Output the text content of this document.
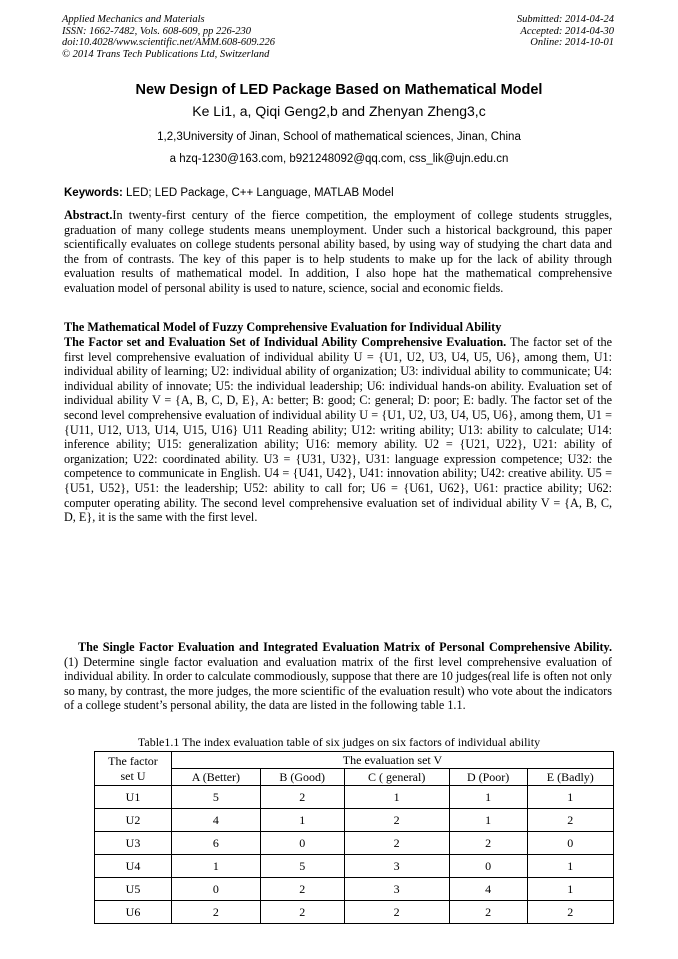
Applied Mechanics and Materials
ISSN: 1662-7482, Vols. 608-609, pp 226-230
doi:10.4028/www.scientific.net/AMM.608-609.226
© 2014 Trans Tech Publications Ltd, Switzerland
Submitted: 2014-04-24
Accepted: 2014-04-30
Online: 2014-10-01
New Design of LED Package Based on Mathematical Model
Ke Li1, a, Qiqi Geng2,b and Zhenyan Zheng3,c
1,2,3University of Jinan, School of mathematical sciences, Jinan, China
a hzq-1230@163.com, b921248092@qq.com, css_lik@ujn.edu.cn
Keywords: LED; LED Package, C++ Language, MATLAB Model
Abstract.In twenty-first century of the fierce competition, the employment of college students struggles, graduation of many college students means unemployment. Under such a historical background, this paper scientifically evaluates on college students personal ability based, by using way of studying the chart data and the from of contrasts. The key of this paper is to help students to make up for the lack of ability through evaluation results of mathematical model. In addition, I also hope hat the mathematical comprehensive evaluation model of personal ability is used to nature, science, social and economic fields.
The Mathematical Model of Fuzzy Comprehensive Evaluation for Individual Ability
The Factor set and Evaluation Set of Individual Ability Comprehensive Evaluation. The factor set of the first level comprehensive evaluation of individual ability U = {U1, U2, U3, U4, U5, U6}, among them, U1: individual ability of learning; U2: individual ability of organization; U3: individual ability to communicate; U4: individual ability of innovate; U5: the individual leadership; U6: individual hands-on ability. Evaluation set of individual ability V = {A, B, C, D, E}, A: better; B: good; C: general; D: poor; E: badly. The factor set of the second level comprehensive evaluation of individual ability U = {U1, U2, U3, U4, U5, U6}, among them, U1 = {U11, U12, U13, U14, U15, U16} U11 Reading ability; U12: writing ability; U13: ability to calculate; U14: inference ability; U15: generalization ability; U16: memory ability. U2 = {U21, U22}, U21: ability of organization; U22: coordinated ability. U3 = {U31, U32}, U31: language expression competence; U32: the competence to communicate in English. U4 = {U41, U42}, U41: innovation ability; U42: creative ability. U5 = {U51, U52}, U51: the leadership; U52: ability to call for; U6 = {U61, U62}, U61: practice ability; U62: computer operating ability. The second level comprehensive evaluation set of individual ability V = {A, B, C, D, E}, it is the same with the first level.
The Single Factor Evaluation and Integrated Evaluation Matrix of Personal Comprehensive Ability. (1) Determine single factor evaluation and evaluation matrix of the first level comprehensive evaluation of individual ability. In order to calculate commodiously, suppose that there are 10 judges(real life is often not only so many, by contrast, the more judges, the more scientific of the evaluation result) who vote about the indicators of a college student’s personal ability, the data are listed in the following table 1.1.
Table1.1 The index evaluation table of six judges on six factors of individual ability
The factor
set U	The evaluation set V				
	A (Better)	B (Good)	C ( general)	D (Poor)	E (Badly)
U1	5	2	1	1	1
U2	4	1	2	1	2
U3	6	0	2	2	0
U4	1	5	3	0	1
U5	0	2	3	4	1
U6	2	2	2	2	2
